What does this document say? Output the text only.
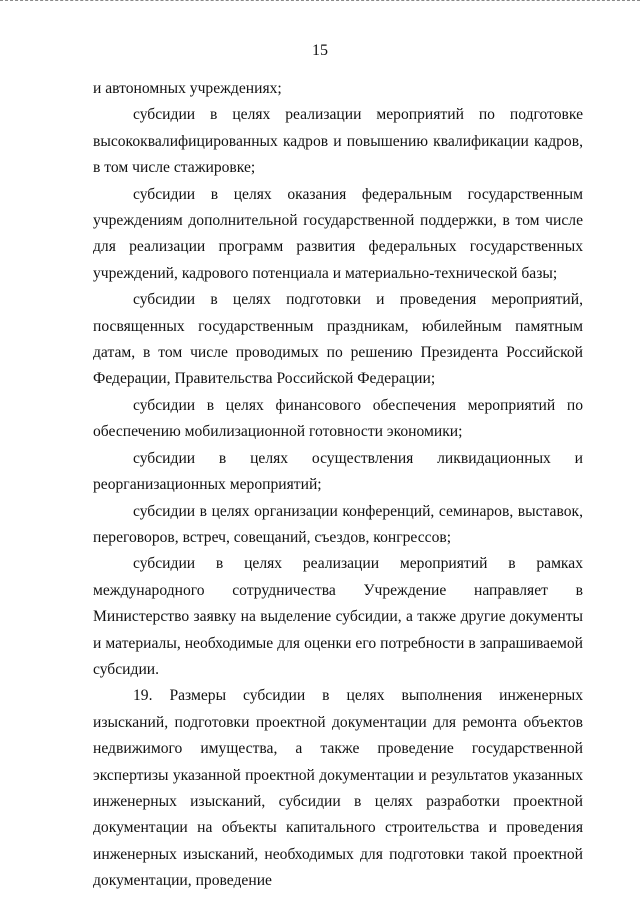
15

и автономных учреждениях;

субсидии в целях реализации мероприятий по подготовке высококвалифицированных кадров и повышению квалификации кадров, в том числе стажировке;

субсидии в целях оказания федеральным государственным учреждениям дополнительной государственной поддержки, в том числе для реализации программ развития федеральных государственных учреждений, кадрового потенциала и материально-технической базы;

субсидии в целях подготовки и проведения мероприятий, посвященных государственным праздникам, юбилейным памятным датам, в том числе проводимых по решению Президента Российской Федерации, Правительства Российской Федерации;

субсидии в целях финансового обеспечения мероприятий по обеспечению мобилизационной готовности экономики;

субсидии в целях осуществления ликвидационных и реорганизационных мероприятий;

субсидии в целях организации конференций, семинаров, выставок, переговоров, встреч, совещаний, съездов, конгрессов;

субсидии в целях реализации мероприятий в рамках международного сотрудничества Учреждение направляет в Министерство заявку на выделение субсидии, а также другие документы и материалы, необходимые для оценки его потребности в запрашиваемой субсидии.

19. Размеры субсидии в целях выполнения инженерных изысканий, подготовки проектной документации для ремонта объектов недвижимого имущества, а также проведение государственной экспертизы указанной проектной документации и результатов указанных инженерных изысканий, субсидии в целях разработки проектной документации на объекты капитального строительства и проведения инженерных изысканий, необходимых для подготовки такой проектной документации, проведение
